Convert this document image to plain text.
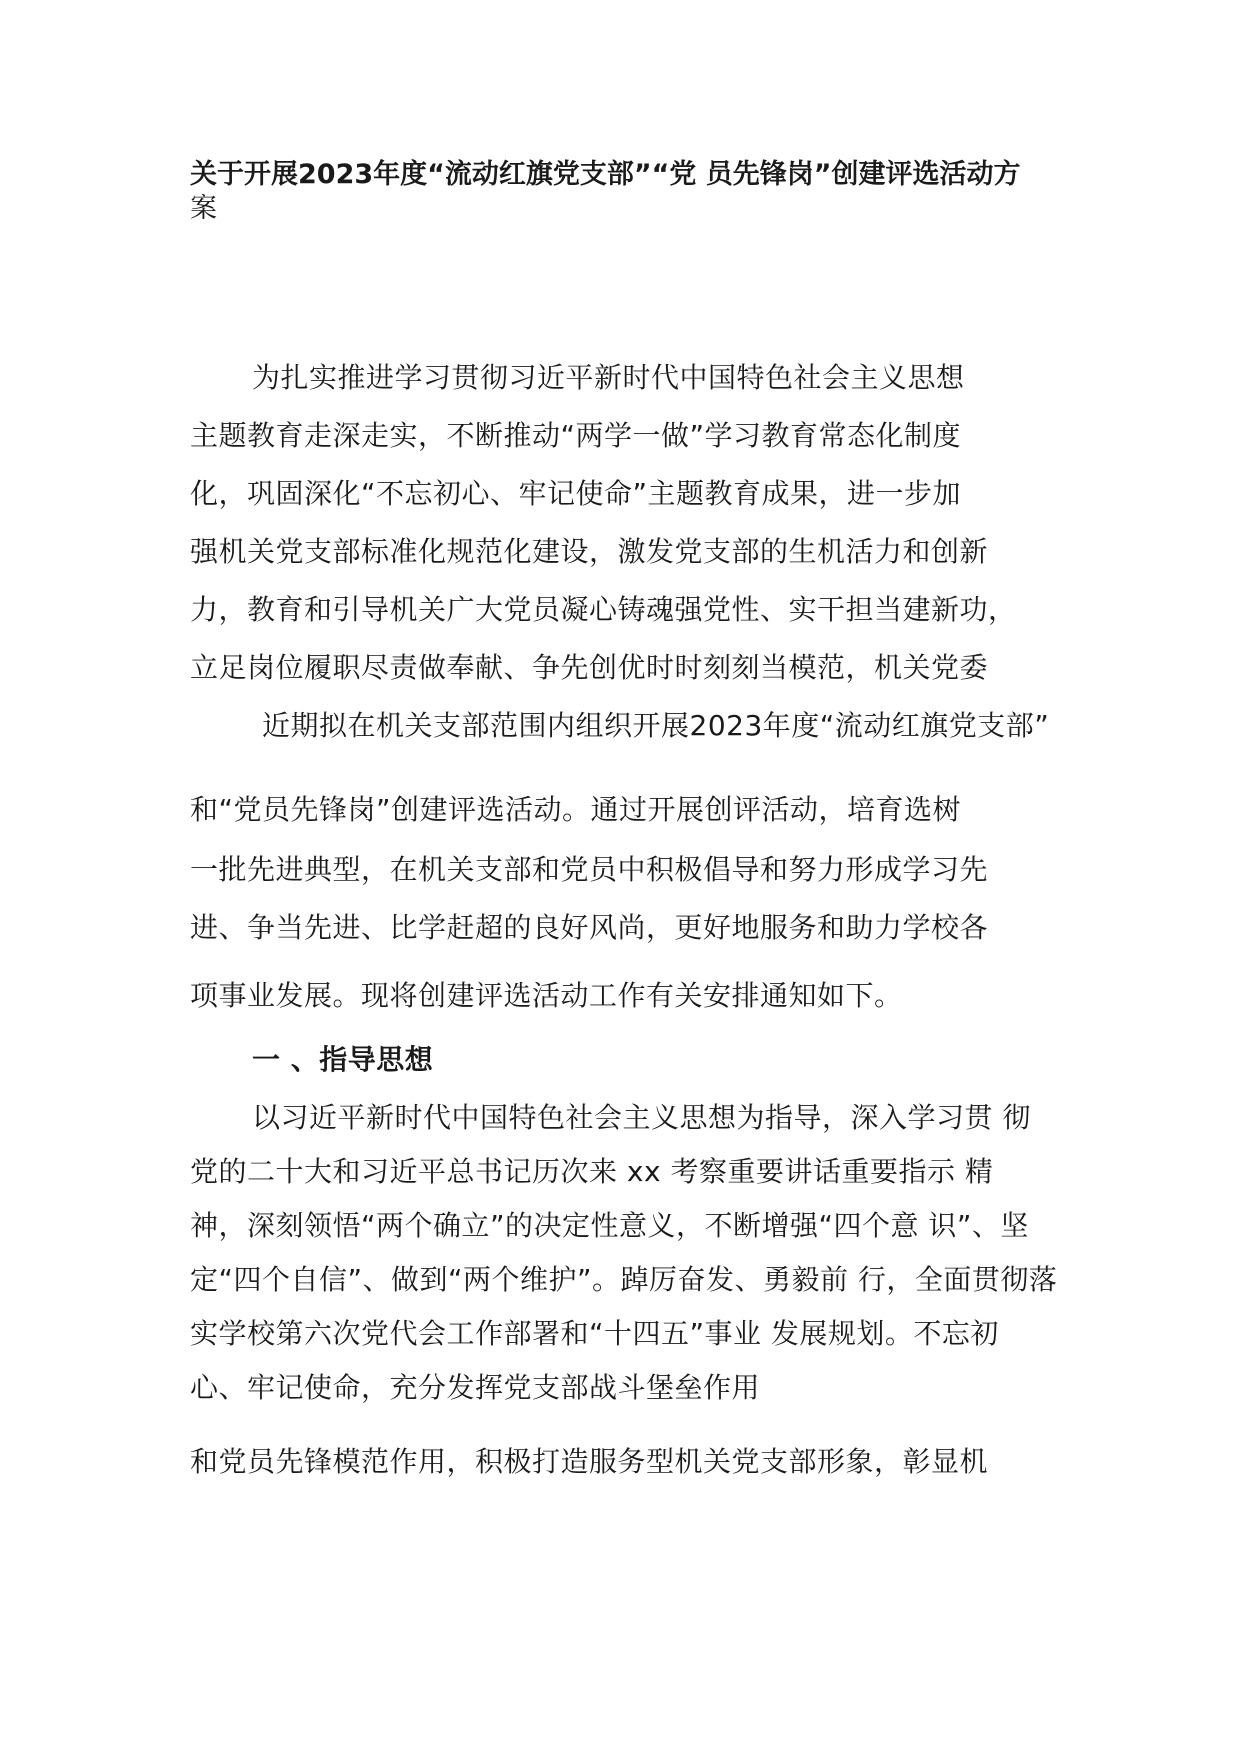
关于开展2023年度“流动红旗党支部”“党 员先锋岗”创建评选活动方
案
为扎实推进学习贯彻习近平新时代中国特色社会主义思想
主题教育走深走实，不断推动“两学一做”学习教育常态化制度
化，巩固深化“不忘初心、牢记使命”主题教育成果，进一步加
强机关党支部标准化规范化建设，激发党支部的生机活力和创新
力，教育和引导机关广大党员凝心铸魂强党性、实干担当建新功，
立足岗位履职尽责做奉献、争先创优时时刻刻当模范，机关党委
近期拟在机关支部范围内组织开展2023年度“流动红旗党支部”
和“党员先锋岗”创建评选活动。通过开展创评活动，培育选树
一批先进典型，在机关支部和党员中积极倡导和努力形成学习先
进、争当先进、比学赶超的良好风尚，更好地服务和助力学校各
项事业发展。现将创建评选活动工作有关安排通知如下。
一 、指导思想
以习近平新时代中国特色社会主义思想为指导，深入学习贯 彻
党的二十大和习近平总书记历次来 xx 考察重要讲话重要指示 精
神，深刻领悟“两个确立”的决定性意义，不断增强“四个意 识”、坚
定“四个自信”、做到“两个维护”。踔厉奋发、勇毅前 行，全面贯彻落
实学校第六次党代会工作部署和“十四五”事业 发展规划。不忘初
心、牢记使命，充分发挥党支部战斗堡垒作用
和党员先锋模范作用，积极打造服务型机关党支部形象，彰显机
